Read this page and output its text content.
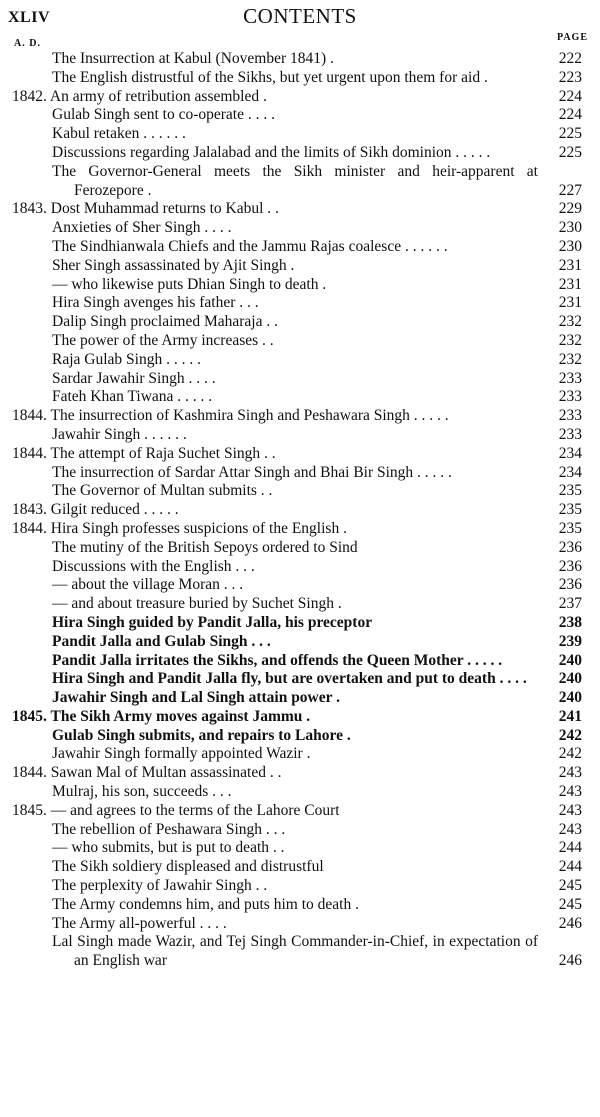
XLIV	CONTENTS
A. D.
PAGE
The Insurrection at Kabul (November 1841) .	222
The English distrustful of the Sikhs, but yet urgent upon them for aid .	223
1842. An army of retribution assembled .	224
Gulab Singh sent to co-operate . . . .	224
Kabul retaken . . . . . .	225
Discussions regarding Jalalabad and the limits of Sikh dominion . . . . .	225
The Governor-General meets the Sikh minister and heir-apparent at Ferozepore .	227
1843. Dost Muhammad returns to Kabul . .	229
Anxieties of Sher Singh . . . .	230
The Sindhianwala Chiefs and the Jammu Rajas coalesce . . . . . .	230
Sher Singh assassinated by Ajit Singh .	231
— who likewise puts Dhian Singh to death .	231
Hira Singh avenges his father . . .	231
Dalip Singh proclaimed Maharaja . .	232
The power of the Army increases . .	232
Raja Gulab Singh . . . . .	232
Sardar Jawahir Singh . . . .	233
Fateh Khan Tiwana . . . . .	233
1844. The insurrection of Kashmira Singh and Peshawara Singh . . . . .	233
Jawahir Singh . . . . . .	233
1844. The attempt of Raja Suchet Singh . .	234
The insurrection of Sardar Attar Singh and Bhai Bir Singh . . . . .	234
The Governor of Multan submits . .	235
1843. Gilgit reduced . . . . .	235
1844. Hira Singh professes suspicions of the English .	235
The mutiny of the British Sepoys ordered to Sind	236
Discussions with the English . . .	236
— about the village Moran . . .	236
— and about treasure buried by Suchet Singh .	237
Hira Singh guided by Pandit Jalla, his preceptor	238
Pandit Jalla and Gulab Singh . . .	239
Pandit Jalla irritates the Sikhs, and offends the Queen Mother . . . . .	240
Hira Singh and Pandit Jalla fly, but are overtaken and put to death . . . .	240
Jawahir Singh and Lal Singh attain power .	240
1845. The Sikh Army moves against Jammu .	241
Gulab Singh submits, and repairs to Lahore .	242
Jawahir Singh formally appointed Wazir .	242
1844. Sawan Mal of Multan assassinated . .	243
Mulraj, his son, succeeds . . .	243
1845. — and agrees to the terms of the Lahore Court	243
The rebellion of Peshawara Singh . . .	243
— who submits, but is put to death . .	244
The Sikh soldiery displeased and distrustful	244
The perplexity of Jawahir Singh . .	245
The Army condemns him, and puts him to death .	245
The Army all-powerful . . . .	246
Lal Singh made Wazir, and Tej Singh Commander-in-Chief, in expectation of an English war	246
